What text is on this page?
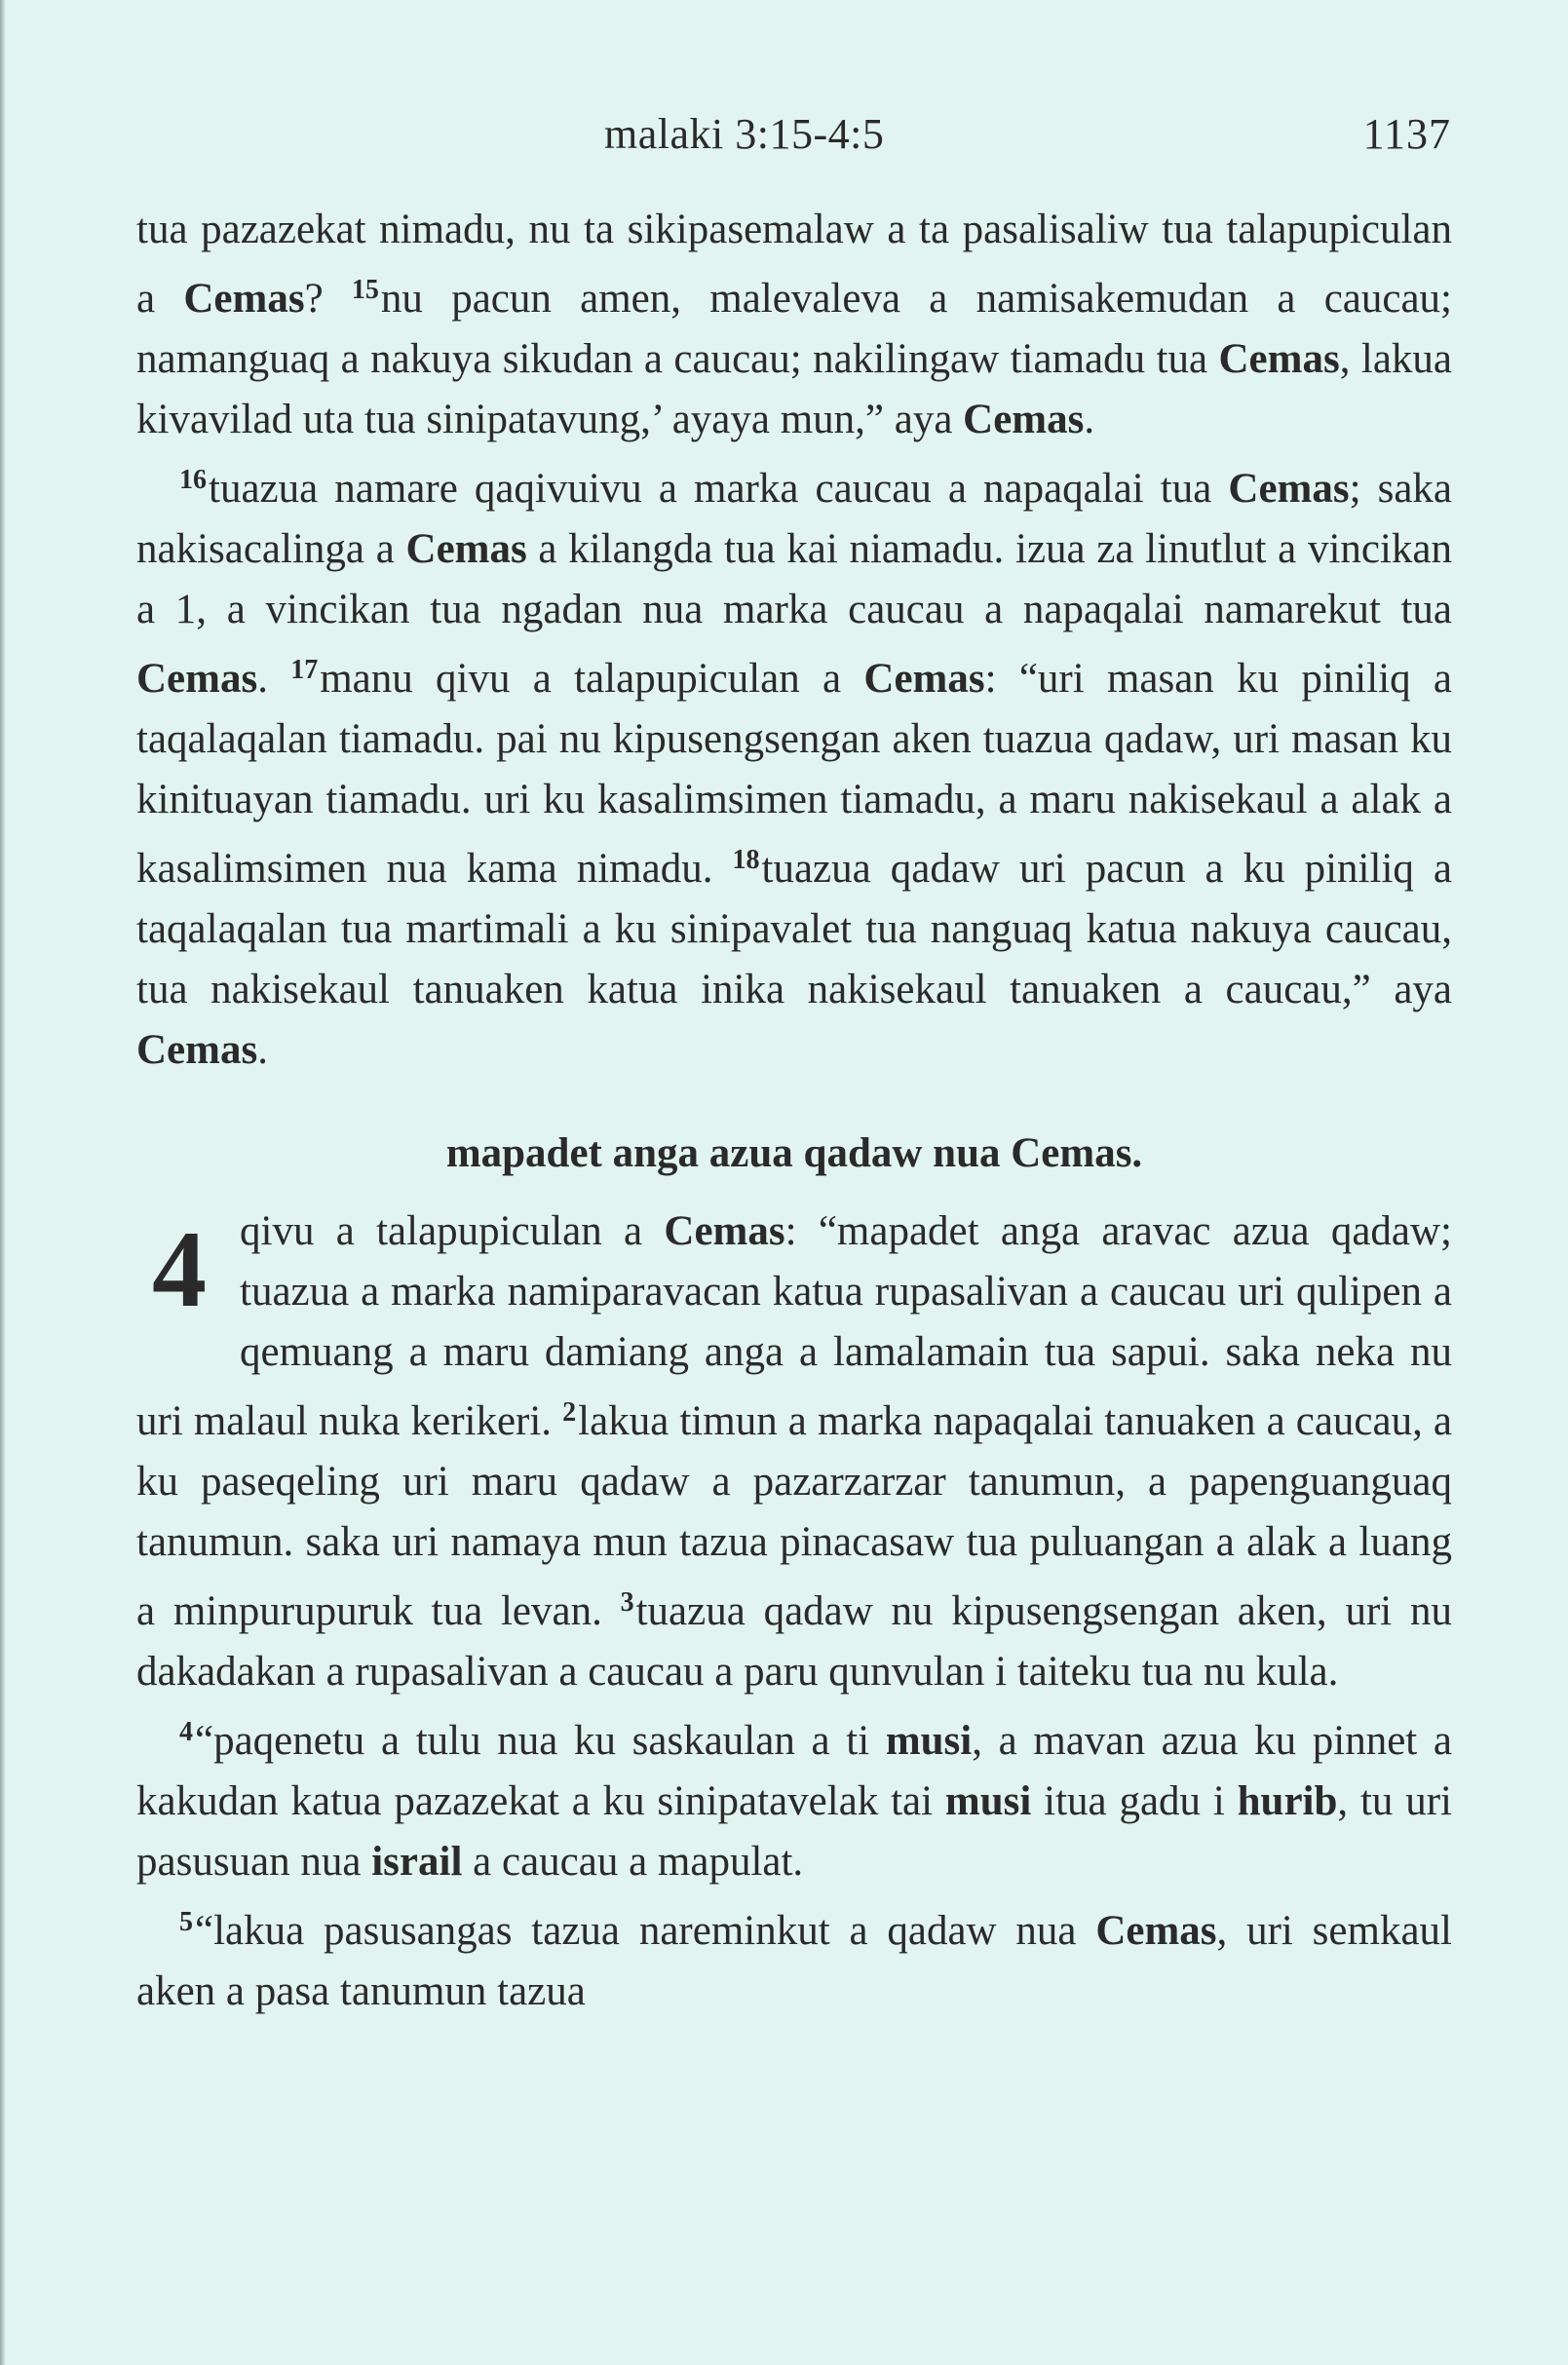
malaki 3:15-4:5	1137

tua pazazekat nimadu, nu ta sikipasemalaw a ta pasalisaliw tua talapupiculan a Cemas? $^{15}$nu pacun amen, malevaleva a namisakemudan a caucau; namanguaq a nakuya sikudan a caucau; nakilingaw tiamadu tua Cemas, lakua kivavilad uta tua sinipatavung,’ ayaya mun,” aya Cemas.

$^{16}$tuazua namare qaqivuivu a marka caucau a napaqalai tua Cemas; saka nakisacalinga a Cemas a kilangda tua kai niamadu. izua za linutlut a vincikan a 1, a vincikan tua ngadan nua marka caucau a napaqalai namarekut tua Cemas. $^{17}$manu qivu a talapupiculan a Cemas: “uri masan ku piniliq a taqalaqalan tiamadu. pai nu kipusengsengan aken tuazua qadaw, uri masan ku kinituayan tiamadu. uri ku kasalimsimen tiamadu, a maru nakisekaul a alak a kasalimsimen nua kama nimadu. $^{18}$tuazua qadaw uri pacun a ku piniliq a taqalaqalan tua martimali a ku sinipavalet tua nanguaq katua nakuya caucau, tua nakisekaul tanuaken katua inika nakisekaul tanuaken a caucau,” aya Cemas.

mapadet anga azua qadaw nua Cemas.
4 qivu a talapupiculan a Cemas: “mapadet anga aravac azua qadaw; tuazua a marka namiparavacan katua rupasalivan a caucau uri qulipen a qemuang a maru damiang anga a lamalamain tua sapui. saka neka nu uri malaul nuka kerikeri. $^2$lakua timun a marka napaqalai tanuaken a caucau, a ku paseqeling uri maru qadaw a pazarzarzar tanumun, a papenguanguaq tanumun. saka uri namaya mun tazua pinacasaw tua puluangan a alak a luang a minpurupuruk tua levan. $^3$tuazua qadaw nu kipusengsengan aken, uri nu dakadakan a rupasalivan a caucau a paru qunvulan i taiteku tua nu kula.

$^4$“paqenetu a tulu nua ku saskaulan a ti musi, a mavan azua ku pinnet a kakudan katua pazazekat a ku sinipatavelak tai musi itua gadu i hurib, tu uri pasusuan nua israil a caucau a mapulat.

$^5$“lakua pasusangas tazua nareminkut a qadaw nua Cemas, uri semkaul aken a pasa tanumun tazua
